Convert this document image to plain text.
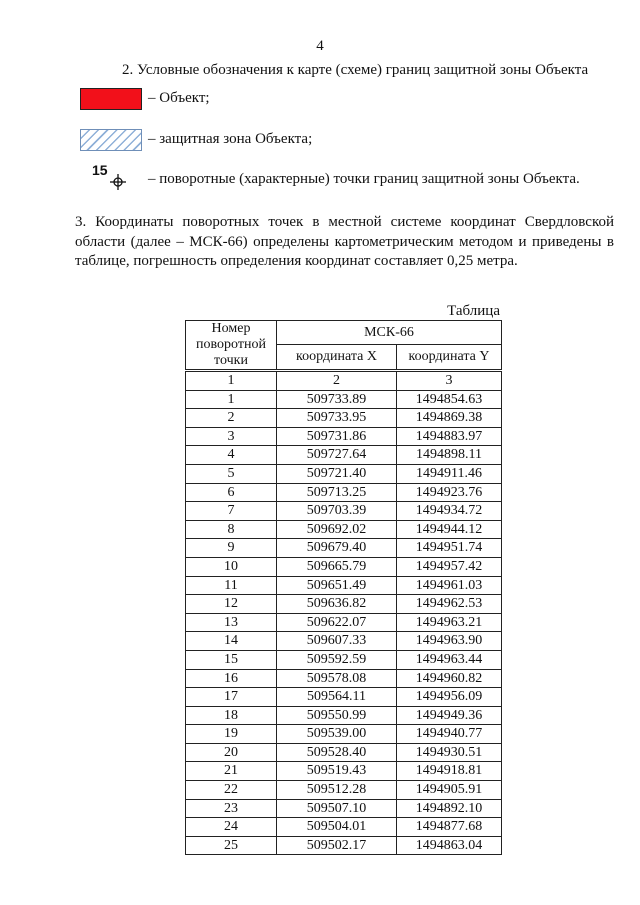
4
2. Условные обозначения к карте (схеме) границ защитной зоны Объекта
– Объект;
– защитная зона Объекта;
15
– поворотные (характерные) точки границ защитной зоны Объекта.
3. Координаты поворотных точек в местной системе координат Свердловской области (далее – МСК-66) определены картометрическим методом и приведены в таблице, погрешность определения координат составляет 0,25 метра.
Таблица
Номер поворотной точки	МСК-66	
	координата X	координата Y
1	2	3
1	509733.89	1494854.63
2	509733.95	1494869.38
3	509731.86	1494883.97
4	509727.64	1494898.11
5	509721.40	1494911.46
6	509713.25	1494923.76
7	509703.39	1494934.72
8	509692.02	1494944.12
9	509679.40	1494951.74
10	509665.79	1494957.42
11	509651.49	1494961.03
12	509636.82	1494962.53
13	509622.07	1494963.21
14	509607.33	1494963.90
15	509592.59	1494963.44
16	509578.08	1494960.82
17	509564.11	1494956.09
18	509550.99	1494949.36
19	509539.00	1494940.77
20	509528.40	1494930.51
21	509519.43	1494918.81
22	509512.28	1494905.91
23	509507.10	1494892.10
24	509504.01	1494877.68
25	509502.17	1494863.04
